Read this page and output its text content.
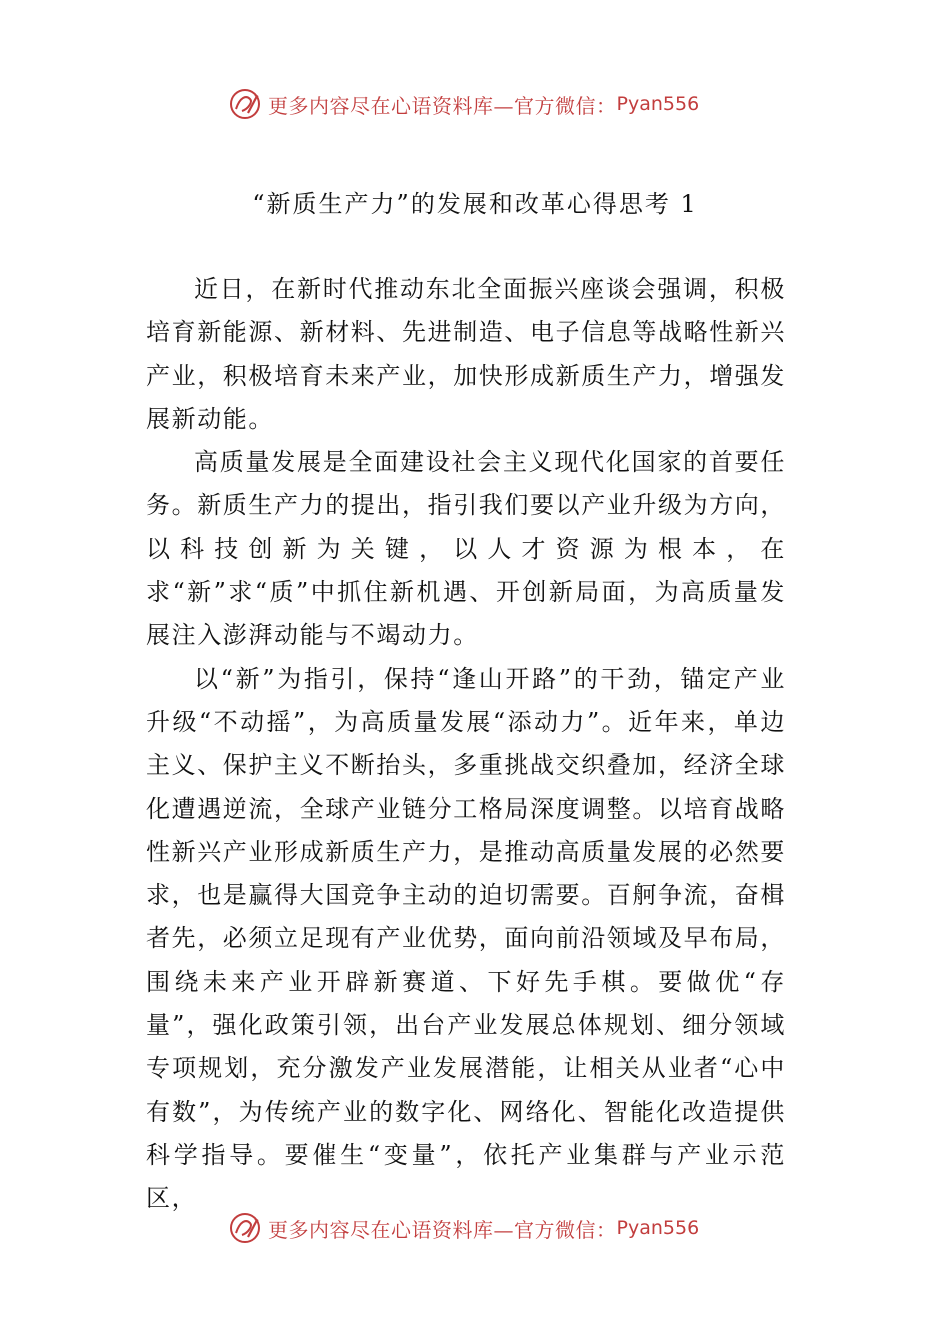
更多内容尽在心语资料库—官方微信： Pyan556
“新质生产力”的发展和改革心得思考 1

近日，在新时代推动东北全面振兴座谈会强调，积极培育新能源、新材料、先进制造、电子信息等战略性新兴产业，积极培育未来产业，加快形成新质生产力，增强发展新动能。

高质量发展是全面建设社会主义现代化国家的首要任务。新质生产力的提出，指引我们要以产业升级为方向，以科技创新为关键，以人才资源为根本，在求“新”求“质”中抓住新机遇、开创新局面，为高质量发展注入澎湃动能与不竭动力。

以“新”为指引，保持“逢山开路”的干劲，锚定产业升级“不动摇”，为高质量发展“添动力”。近年来，单边主义、保护主义不断抬头，多重挑战交织叠加，经济全球化遭遇逆流，全球产业链分工格局深度调整。以培育战略性新兴产业形成新质生产力，是推动高质量发展的必然要求，也是赢得大国竞争主动的迫切需要。百舸争流，奋楫者先，必须立足现有产业优势，面向前沿领域及早布局，围绕未来产业开辟新赛道、下好先手棋。要做优“存量”，强化政策引领，出台产业发展总体规划、细分领域专项规划，充分激发产业发展潜能，让相关从业者“心中有数”，为传统产业的数字化、网络化、智能化改造提供科学指导。要催生“变量”，依托产业集群与产业示范区，

更多内容尽在心语资料库—官方微信： Pyan556
